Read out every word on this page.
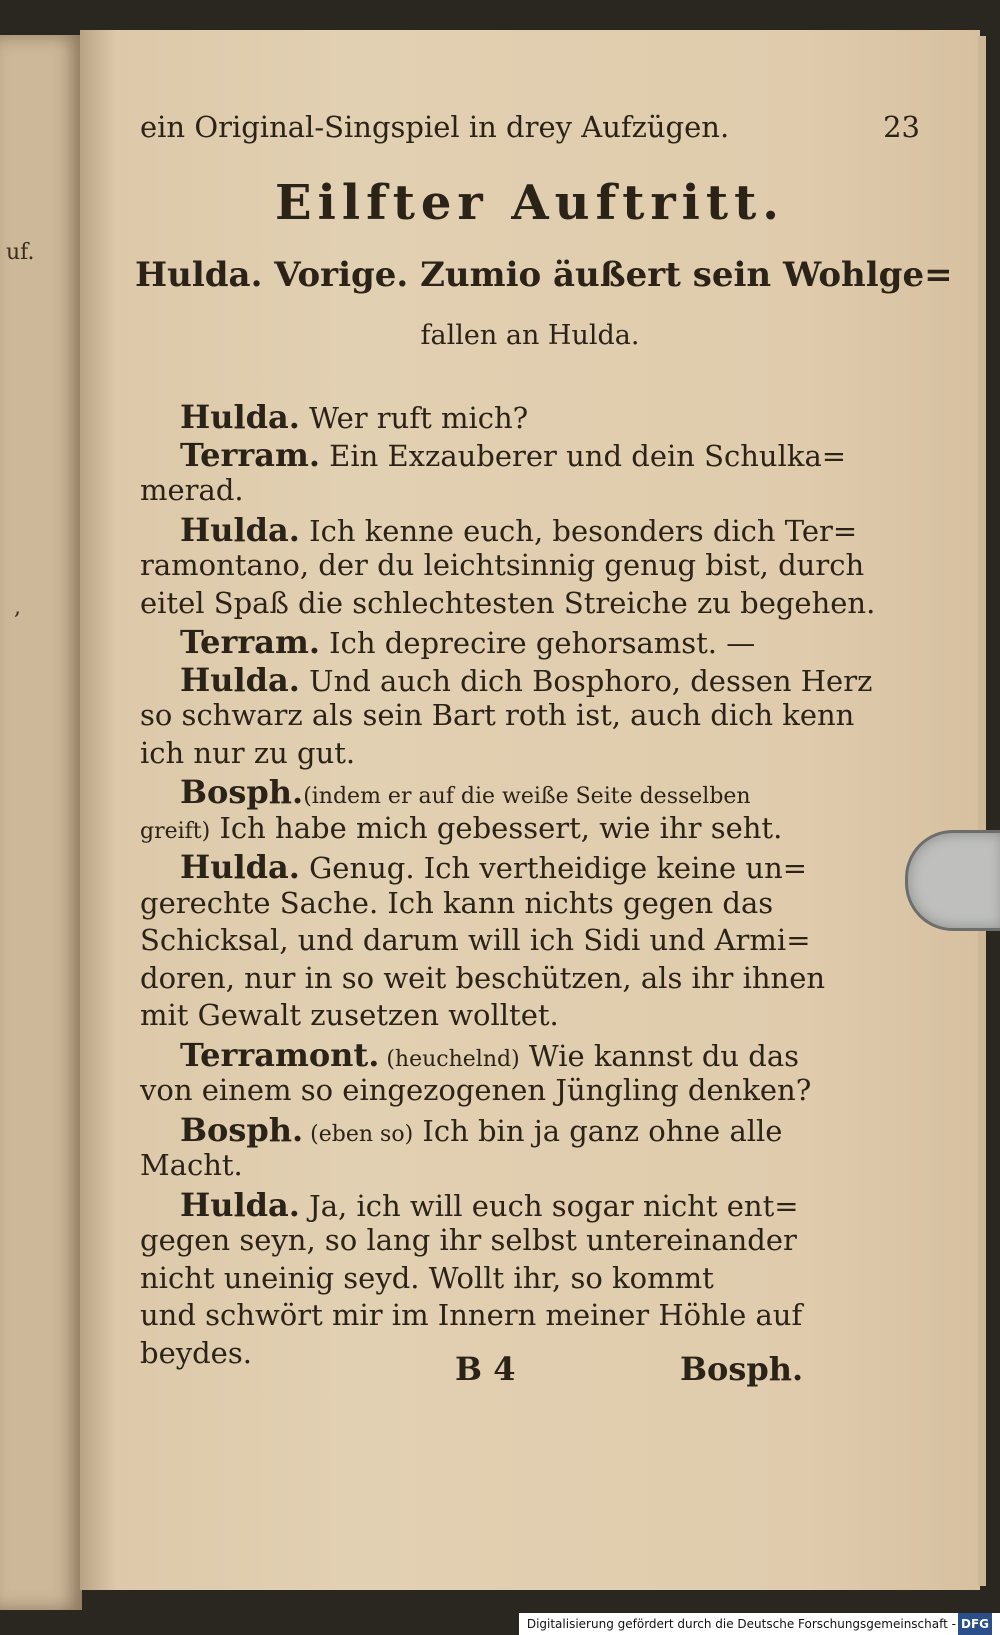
uf.
,
ein Original-Singspiel in drey Aufzügen.	23
Eilfter Auftritt.
Hulda. Vorige. Zumio äußert sein Wohlge=
fallen an Hulda.
Hulda. Wer ruft mich?
Terram. Ein Exzauberer und dein Schulka=
merad.
Hulda. Ich kenne euch, besonders dich Ter=
ramontano, der du leichtsinnig genug bist, durch
eitel Spaß die schlechtesten Streiche zu begehen.
Terram. Ich deprecire gehorsamst. —
Hulda. Und auch dich Bosphoro, dessen Herz
so schwarz als sein Bart roth ist, auch dich kenn
ich nur zu gut.
Bosph.(indem er auf die weiße Seite desselben
greift) Ich habe mich gebessert, wie ihr seht.
Hulda. Genug. Ich vertheidige keine un=
gerechte Sache. Ich kann nichts gegen das
Schicksal, und darum will ich Sidi und Armi=
doren, nur in so weit beschützen, als ihr ihnen
mit Gewalt zusetzen wolltet.
Terramont. (heuchelnd) Wie kannst du das
von einem so eingezogenen Jüngling denken?
Bosph. (eben so) Ich bin ja ganz ohne alle
Macht.
Hulda. Ja, ich will euch sogar nicht ent=
gegen seyn, so lang ihr selbst untereinander
nicht uneinig seyd. Wollt ihr, so kommt
und schwört mir im Innern meiner Höhle auf
beydes.	B 4	Bosph.
Digitalisierung gefördert durch die Deutsche Forschungsgemeinschaft - DFG
